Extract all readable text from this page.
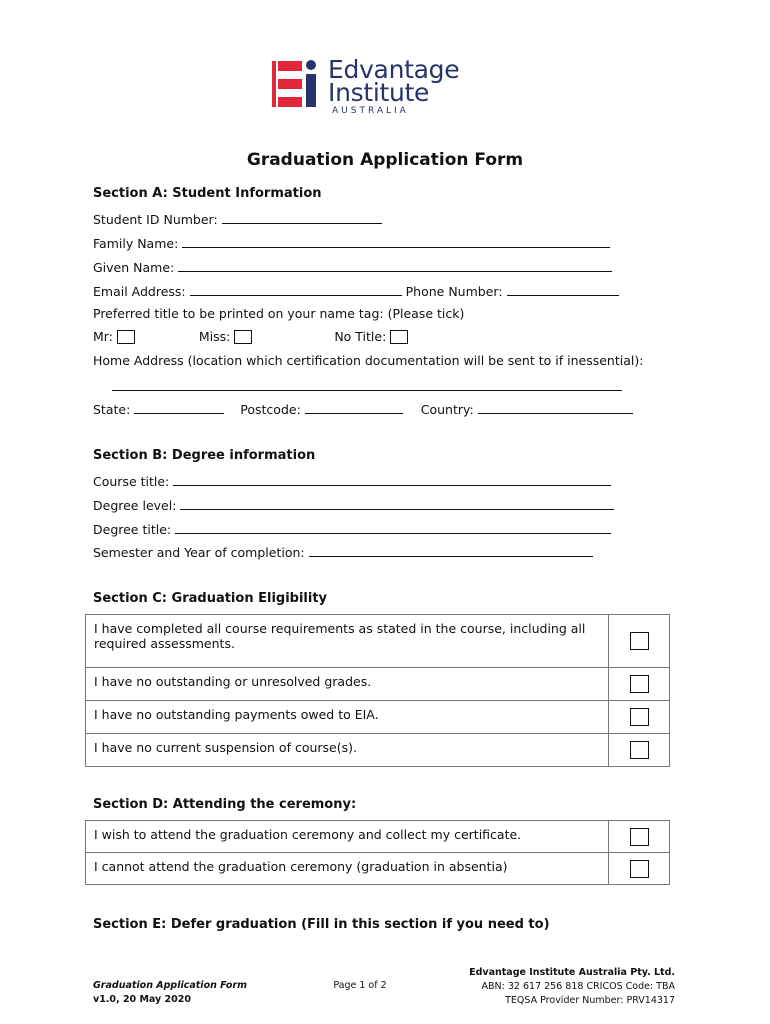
Edvantage
Institute
AUSTRALIA
Graduation Application Form
Section A: Student Information
Student ID Number:
Family Name:
Given Name:
Email Address:	Phone Number:
Preferred title to be printed on your name tag: (Please tick)
Mr:	Miss:	No Title:
Home Address (location which certification documentation will be sent to if inessential):
State:	Postcode:	Country:
Section B: Degree information
Course title:
Degree level:
Degree title:
Semester and Year of completion:
Section C: Graduation Eligibility
I have completed all course requirements as stated in the course, including all required assessments.	
I have no outstanding or unresolved grades.	
I have no outstanding payments owed to EIA.	
I have no current suspension of course(s).	
Section D: Attending the ceremony:
I wish to attend the graduation ceremony and collect my certificate.	
I cannot attend the graduation ceremony (graduation in absentia)	
Section E: Defer graduation (Fill in this section if you need to)
Graduation Application Form
v1.0, 20 May 2020
Page 1 of 2
Edvantage Institute Australia Pty. Ltd.
ABN: 32 617 256 818 CRICOS Code: TBA
TEQSA Provider Number: PRV14317
